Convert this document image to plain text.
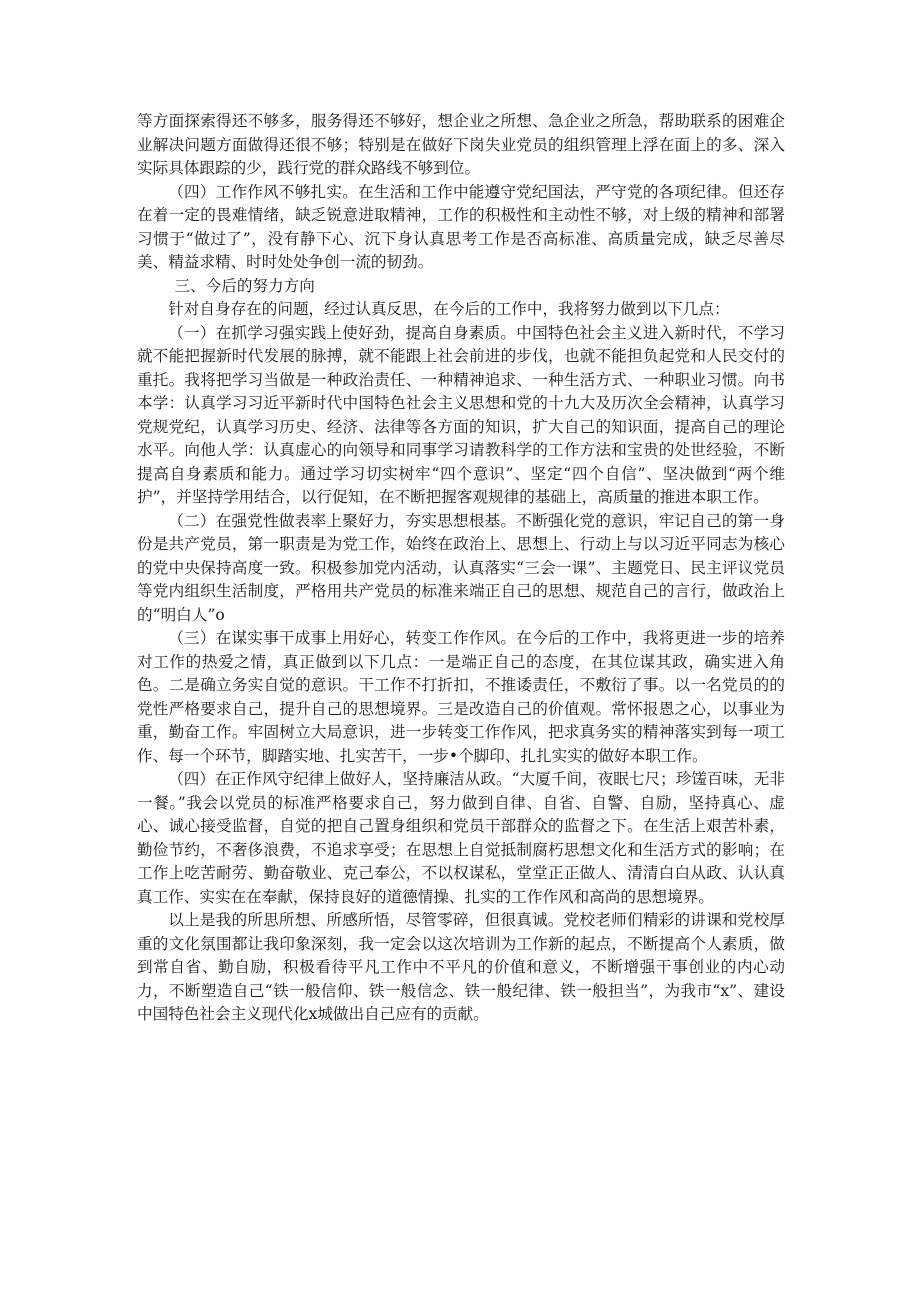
等方面探索得还不够多，服务得还不够好，想企业之所想、急企业之所急，帮助联系的困难企业解决问题方面做得还很不够；特别是在做好下岗失业党员的组织管理上浮在面上的多、深入实际具体跟踪的少，践行党的群众路线不够到位。

（四）工作作风不够扎实。在生活和工作中能遵守党纪国法，严守党的各项纪律。但还存在着一定的畏难情绪，缺乏锐意进取精神，工作的积极性和主动性不够，对上级的精神和部署习惯于“做过了”，没有静下心、沉下身认真思考工作是否高标准、高质量完成，缺乏尽善尽美、精益求精、时时处处争创一流的韧劲。

三、今后的努力方向

针对自身存在的问题，经过认真反思，在今后的工作中，我将努力做到以下几点：

（一）在抓学习强实践上使好劲，提高自身素质。中国特色社会主义进入新时代，不学习就不能把握新时代发展的脉搏，就不能跟上社会前进的步伐，也就不能担负起党和人民交付的重托。我将把学习当做是一种政治责任、一种精神追求、一种生活方式、一种职业习惯。向书本学：认真学习习近平新时代中国特色社会主义思想和党的十九大及历次全会精神，认真学习党规党纪，认真学习历史、经济、法律等各方面的知识，扩大自己的知识面，提高自己的理论水平。向他人学：认真虚心的向领导和同事学习请教科学的工作方法和宝贵的处世经验，不断提高自身素质和能力。通过学习切实树牢“四个意识”、坚定“四个自信”、坚决做到“两个维护”，并坚持学用结合，以行促知，在不断把握客观规律的基础上，高质量的推进本职工作。

（二）在强党性做表率上聚好力，夯实思想根基。不断强化党的意识，牢记自己的第一身份是共产党员，第一职责是为党工作，始终在政治上、思想上、行动上与以习近平同志为核心的党中央保持高度一致。积极参加党内活动，认真落实“三会一课”、主题党日、民主评议党员等党内组织生活制度，严格用共产党员的标准来端正自己的思想、规范自己的言行，做政治上的“明白人”o

（三）在谋实事干成事上用好心，转变工作作风。在今后的工作中，我将更进一步的培养对工作的热爱之情，真正做到以下几点：一是端正自己的态度，在其位谋其政，确实进入角色。二是确立务实自觉的意识。干工作不打折扣，不推诿责任，不敷衍了事。以一名党员的的党性严格要求自己，提升自己的思想境界。三是改造自己的价值观。常怀报恩之心，以事业为重，勤奋工作。牢固树立大局意识，进一步转变工作作风，把求真务实的精神落实到每一项工作、每一个环节，脚踏实地、扎实苦干，一步•个脚印、扎扎实实的做好本职工作。

（四）在正作风守纪律上做好人，坚持廉洁从政。“大厦千间，夜眠七尺；珍馐百味，无非一餐。”我会以党员的标准严格要求自己，努力做到自律、自省、自警、自励，坚持真心、虚心、诚心接受监督，自觉的把自己置身组织和党员干部群众的监督之下。在生活上艰苦朴素，勤俭节约，不奢侈浪费，不追求享受；在思想上自觉抵制腐朽思想文化和生活方式的影响；在工作上吃苦耐劳、勤奋敬业、克己奉公，不以权谋私，堂堂正正做人、清清白白从政、认认真真工作、实实在在奉献，保持良好的道德情操、扎实的工作作风和高尚的思想境界。

以上是我的所思所想、所感所悟，尽管零碎，但很真诚。党校老师们精彩的讲课和党校厚重的文化氛围都让我印象深刻，我一定会以这次培训为工作新的起点，不断提高个人素质，做到常自省、勤自励，积极看待平凡工作中不平凡的价值和意义，不断增强干事创业的内心动力，不断塑造自己“铁一般信仰、铁一般信念、铁一般纪律、铁一般担当”，为我市“x”、建设中国特色社会主义现代化x城做出自己应有的贡献。
